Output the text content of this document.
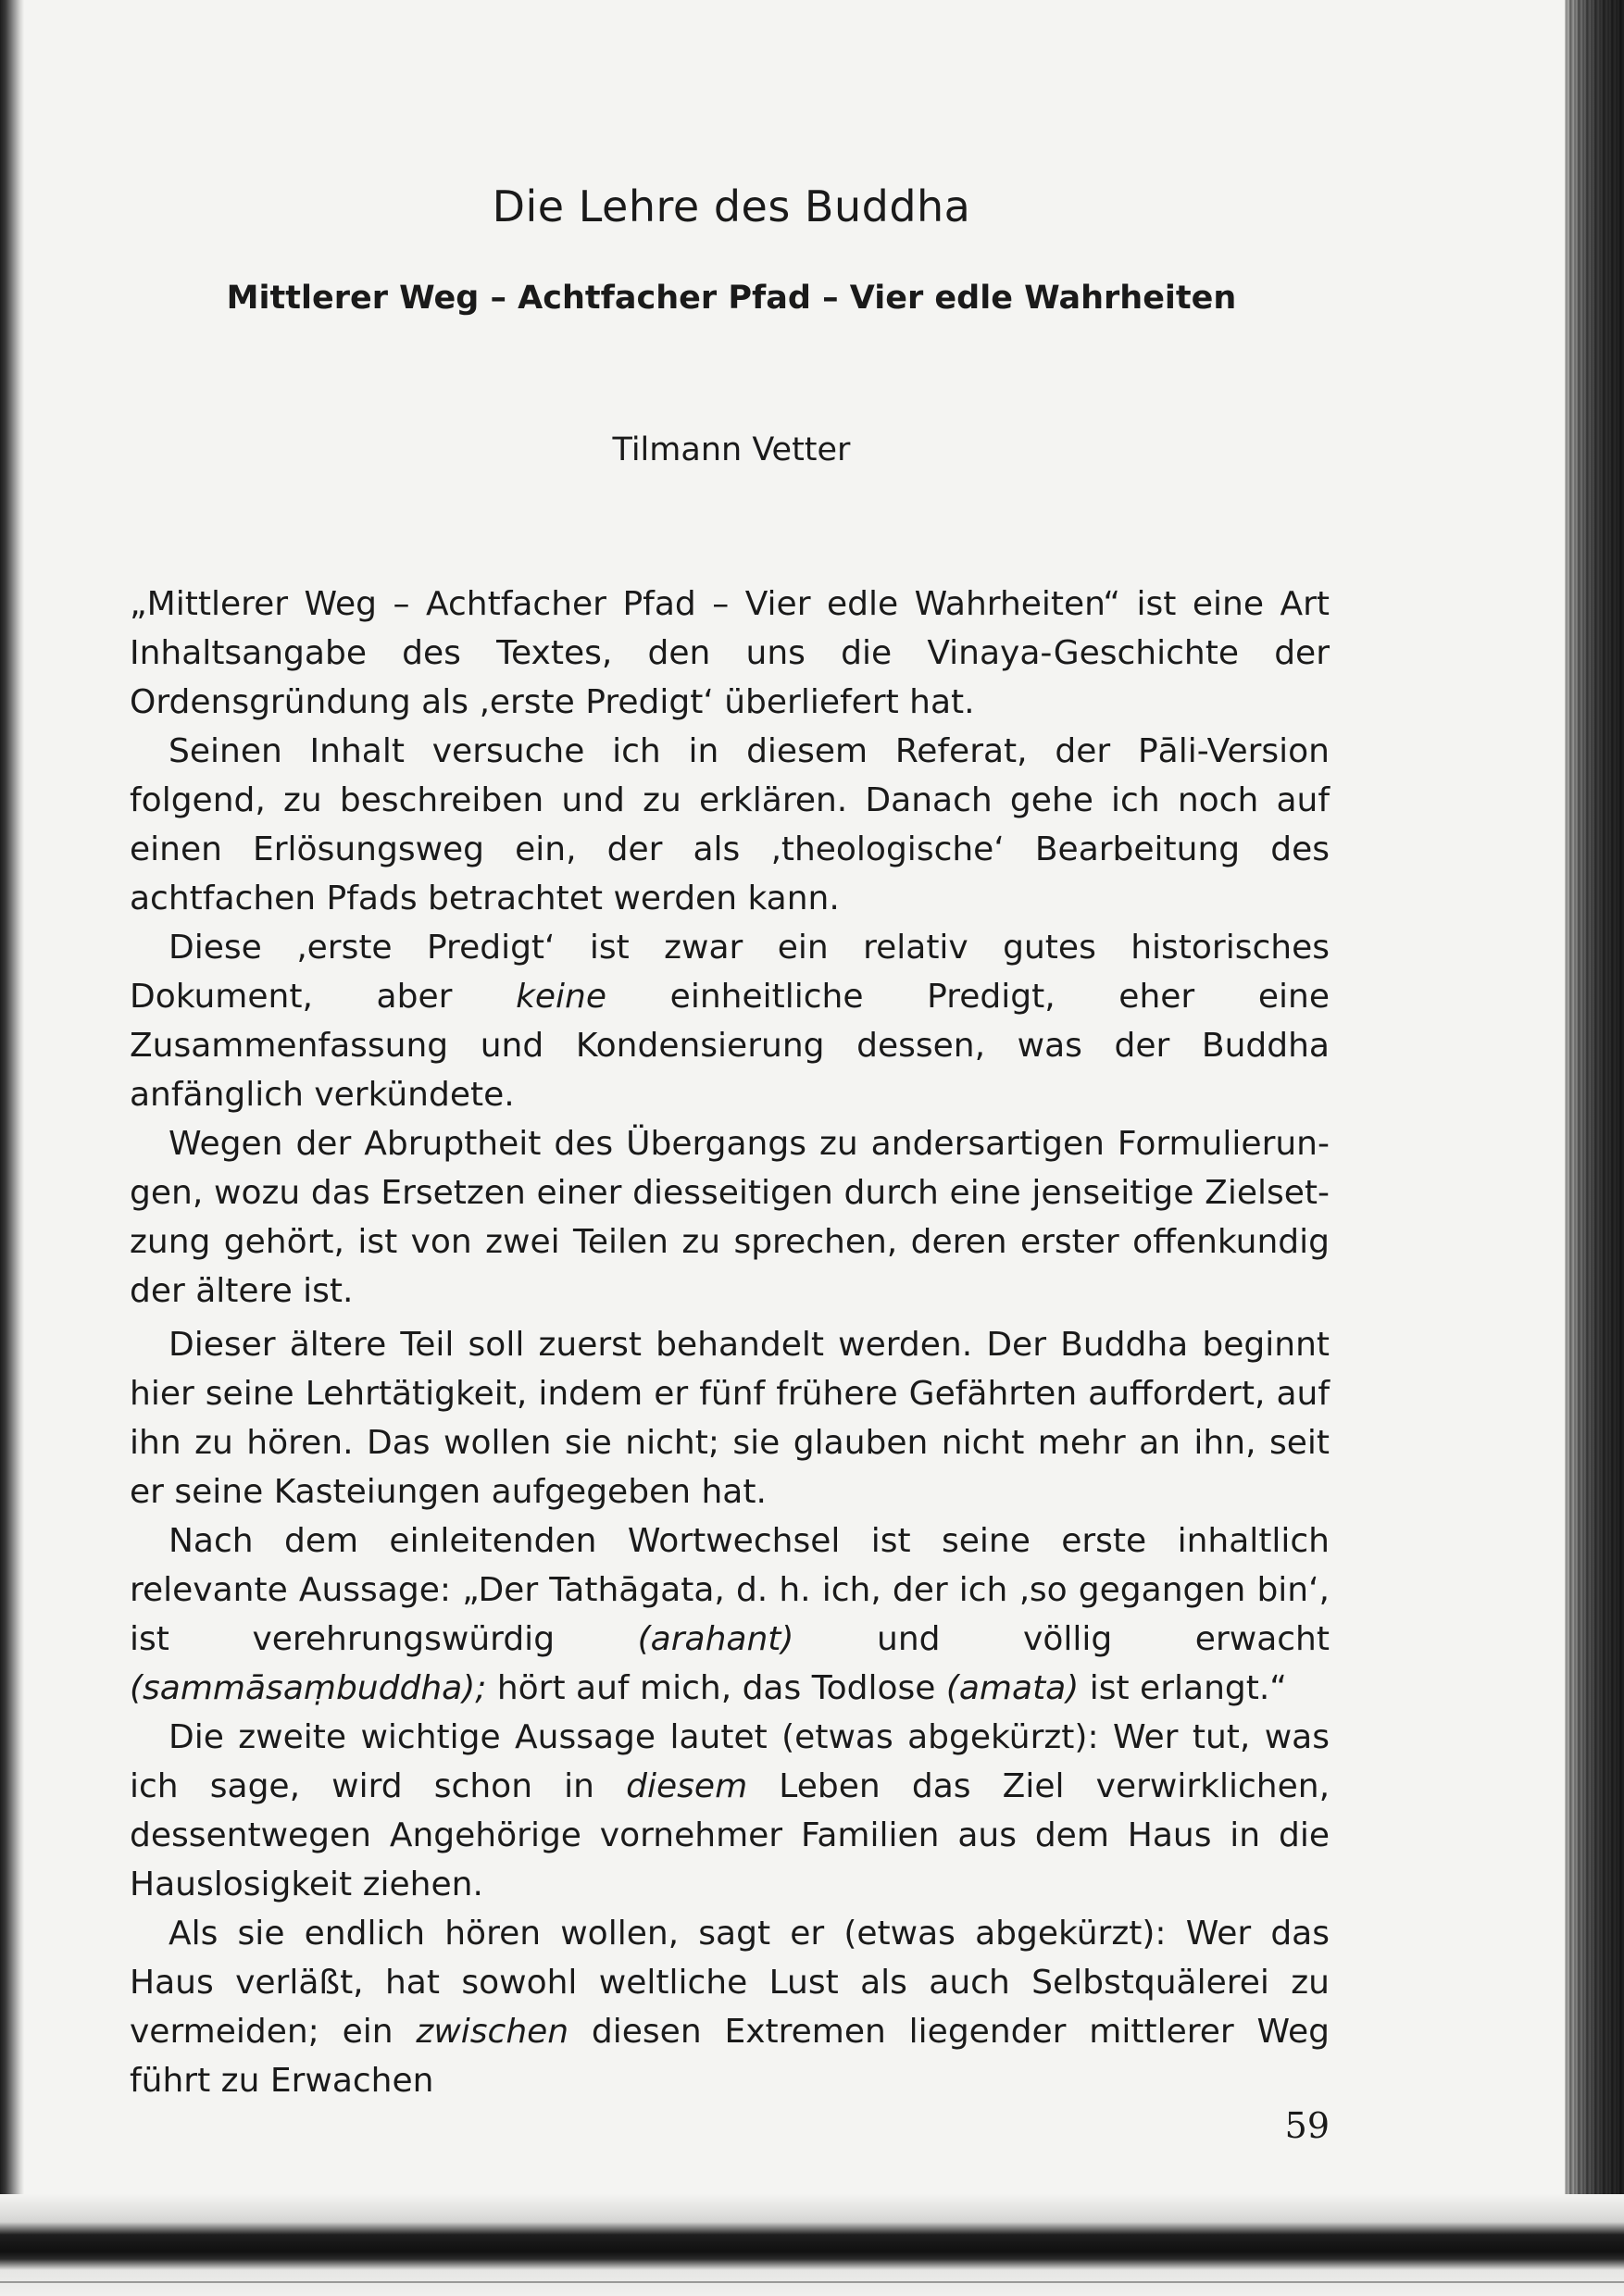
Die Lehre des Buddha
Mittlerer Weg – Achtfacher Pfad – Vier edle Wahrheiten
Tilmann Vetter

„Mittlerer Weg – Achtfacher Pfad – Vier edle Wahrheiten“ ist eine Art Inhaltsangabe des Textes, den uns die Vinaya-Geschichte der Ordensgründung als ‚erste Predigt‘ überliefert hat.

Seinen Inhalt versuche ich in diesem Referat, der Pāli-Version folgend, zu beschreiben und zu erklären. Danach gehe ich noch auf einen Erlösungsweg ein, der als ‚theologische‘ Bearbeitung des achtfachen Pfads betrachtet werden kann.

Diese ‚erste Predigt‘ ist zwar ein relativ gutes historisches Dokument, aber keine einheitliche Predigt, eher eine Zusammenfassung und Kondensierung dessen, was der Buddha anfänglich verkündete.

Wegen der Abruptheit des Übergangs zu andersartigen Formulierungen, wozu das Ersetzen einer diesseitigen durch eine jenseitige Zielsetzung gehört, ist von zwei Teilen zu sprechen, deren erster offenkundig der ältere ist.

Dieser ältere Teil soll zuerst behandelt werden. Der Buddha beginnt hier seine Lehrtätigkeit, indem er fünf frühere Gefährten auffordert, auf ihn zu hören. Das wollen sie nicht; sie glauben nicht mehr an ihn, seit er seine Kasteiungen aufgegeben hat.

Nach dem einleitenden Wortwechsel ist seine erste inhaltlich relevante Aussage: „Der Tathāgata, d. h. ich, der ich ‚so gegangen bin‘, ist verehrungswürdig (arahant) und völlig erwacht (sammāsaṃbuddha); hört auf mich, das Todlose (amata) ist erlangt.“

Die zweite wichtige Aussage lautet (etwas abgekürzt): Wer tut, was ich sage, wird schon in diesem Leben das Ziel verwirklichen, dessentwegen Angehörige vornehmer Familien aus dem Haus in die Hauslosigkeit ziehen.

Als sie endlich hören wollen, sagt er (etwas abgekürzt): Wer das Haus verläßt, hat sowohl weltliche Lust als auch Selbstquälerei zu vermeiden; ein zwischen diesen Extremen liegender mittlerer Weg führt zu Erwachen

59
